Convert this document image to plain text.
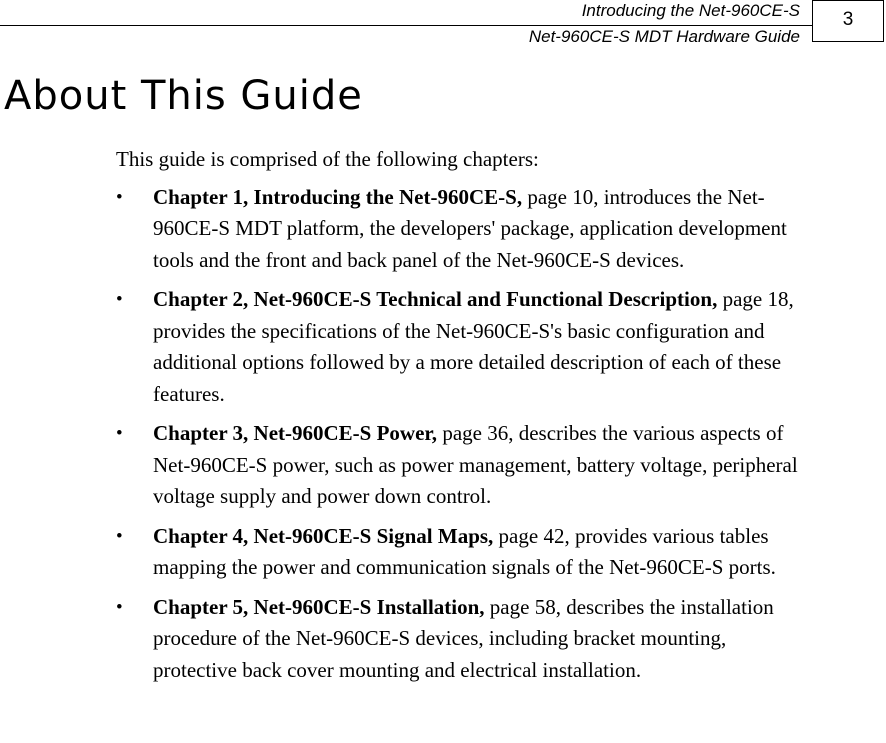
Introducing the Net-960CE-S
Net-960CE-S MDT Hardware Guide
3
About This Guide

This guide is comprised of the following chapters:

• Chapter 1, Introducing the Net-960CE-S, page 10, introduces the Net-960CE-S MDT platform, the developers' package, application development tools and the front and back panel of the Net-960CE-S devices.
• Chapter 2, Net-960CE-S Technical and Functional Description, page 18, provides the specifications of the Net-960CE-S's basic configuration and additional options followed by a more detailed description of each of these features.
• Chapter 3, Net-960CE-S Power, page 36, describes the various aspects of Net-960CE-S power, such as power management, battery voltage, peripheral voltage supply and power down control.
• Chapter 4, Net-960CE-S Signal Maps, page 42, provides various tables mapping the power and communication signals of the Net-960CE-S ports.
• Chapter 5, Net-960CE-S Installation, page 58, describes the installation procedure of the Net-960CE-S devices, including bracket mounting, protective back cover mounting and electrical installation.
